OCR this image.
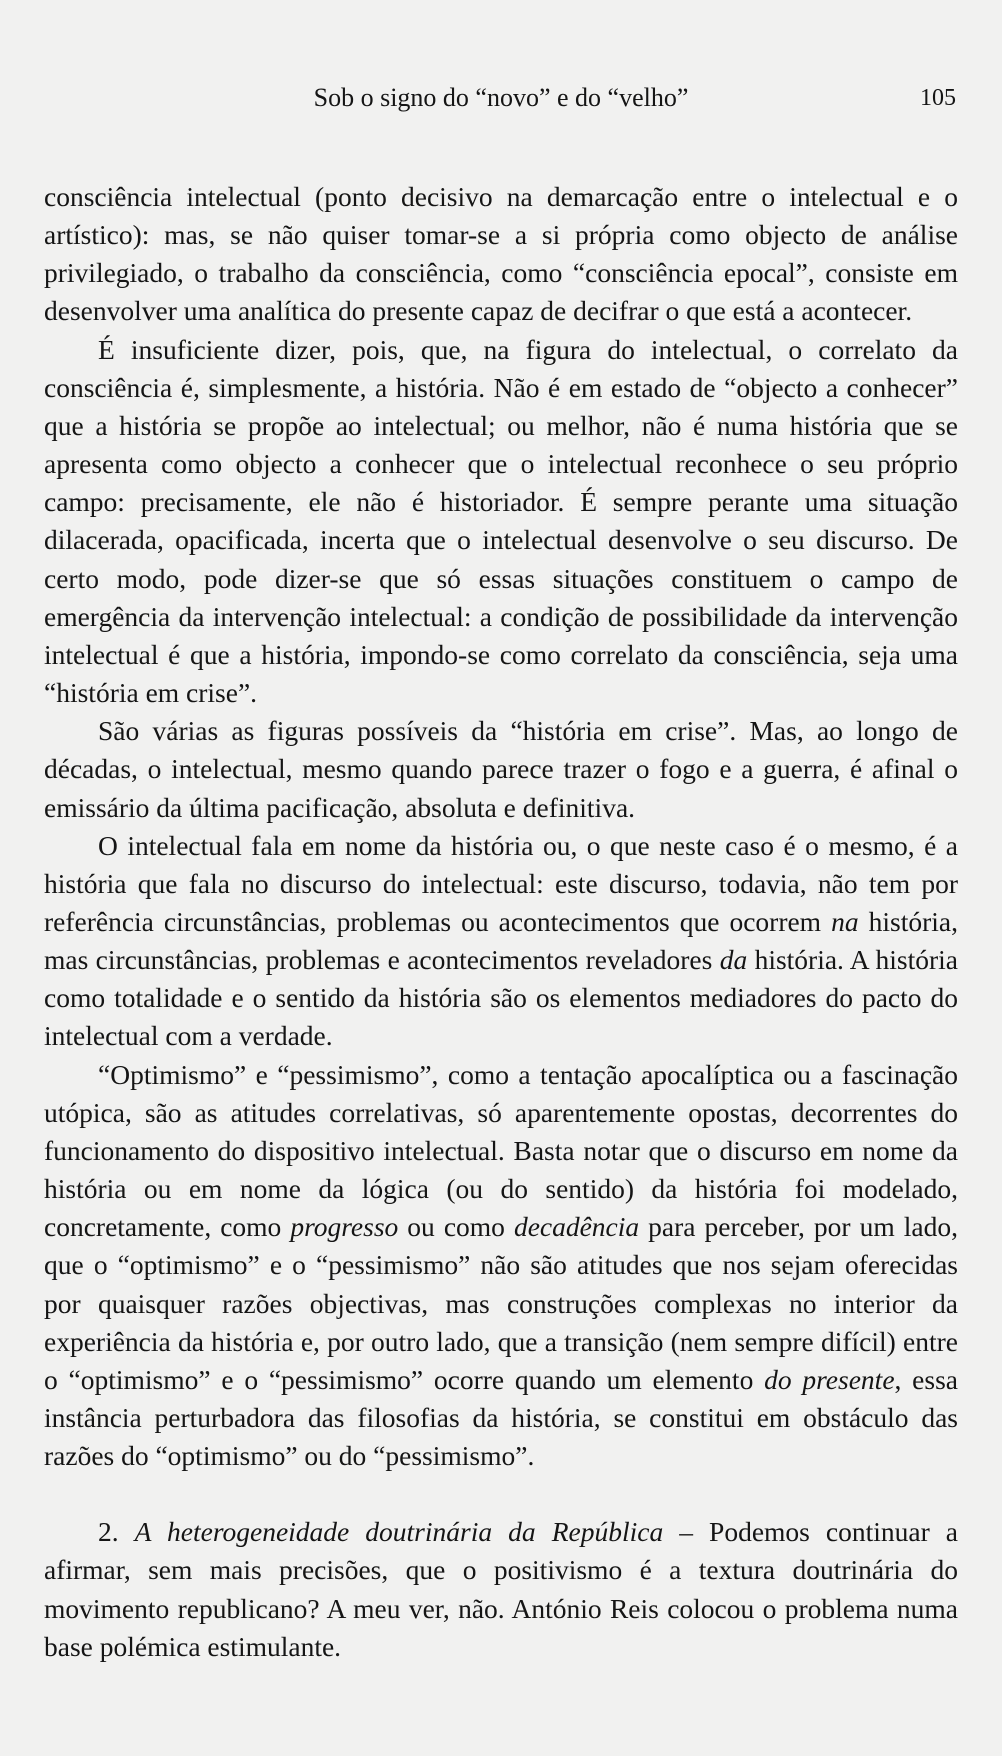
Sob o signo do “novo” e do “velho”	105

consciência intelectual (ponto decisivo na demarcação entre o intelectual e o artístico): mas, se não quiser tomar-se a si própria como objecto de análise privilegiado, o trabalho da consciência, como “consciência epocal”, consiste em desenvolver uma analítica do presente capaz de decifrar o que está a acontecer.

É insuficiente dizer, pois, que, na figura do intelectual, o correlato da consciência é, simplesmente, a história. Não é em estado de “objecto a conhecer” que a história se propõe ao intelectual; ou melhor, não é numa história que se apresenta como objecto a conhecer que o intelectual reconhece o seu próprio campo: precisamente, ele não é historiador. É sempre perante uma situação dilacerada, opacificada, incerta que o intelectual desenvolve o seu discurso. De certo modo, pode dizer-se que só essas situações constituem o campo de emergência da intervenção intelectual: a condição de possibilidade da intervenção intelectual é que a história, impondo-se como correlato da consciência, seja uma “história em crise”.

São várias as figuras possíveis da “história em crise”. Mas, ao longo de décadas, o intelectual, mesmo quando parece trazer o fogo e a guerra, é afinal o emissário da última pacificação, absoluta e definitiva.

O intelectual fala em nome da história ou, o que neste caso é o mesmo, é a história que fala no discurso do intelectual: este discurso, todavia, não tem por referência circunstâncias, problemas ou acontecimentos que ocorrem na história, mas circunstâncias, problemas e acontecimentos reveladores da história. A história como totalidade e o sentido da história são os elementos mediadores do pacto do intelectual com a verdade.

“Optimismo” e “pessimismo”, como a tentação apocalíptica ou a fascinação utópica, são as atitudes correlativas, só aparentemente opostas, decorrentes do funcionamento do dispositivo intelectual. Basta notar que o discurso em nome da história ou em nome da lógica (ou do sentido) da história foi modelado, concretamente, como progresso ou como decadência para perceber, por um lado, que o “optimismo” e o “pessimismo” não são atitudes que nos sejam oferecidas por quaisquer razões objectivas, mas construções complexas no interior da experiência da história e, por outro lado, que a transição (nem sempre difícil) entre o “optimismo” e o “pessimismo” ocorre quando um elemento do presente, essa instância perturbadora das filosofias da história, se constitui em obstáculo das razões do “optimismo” ou do “pessimismo”.

2. A heterogeneidade doutrinária da República – Podemos continuar a afirmar, sem mais precisões, que o positivismo é a textura doutrinária do movimento republicano? A meu ver, não. António Reis colocou o problema numa base polémica estimulante.
